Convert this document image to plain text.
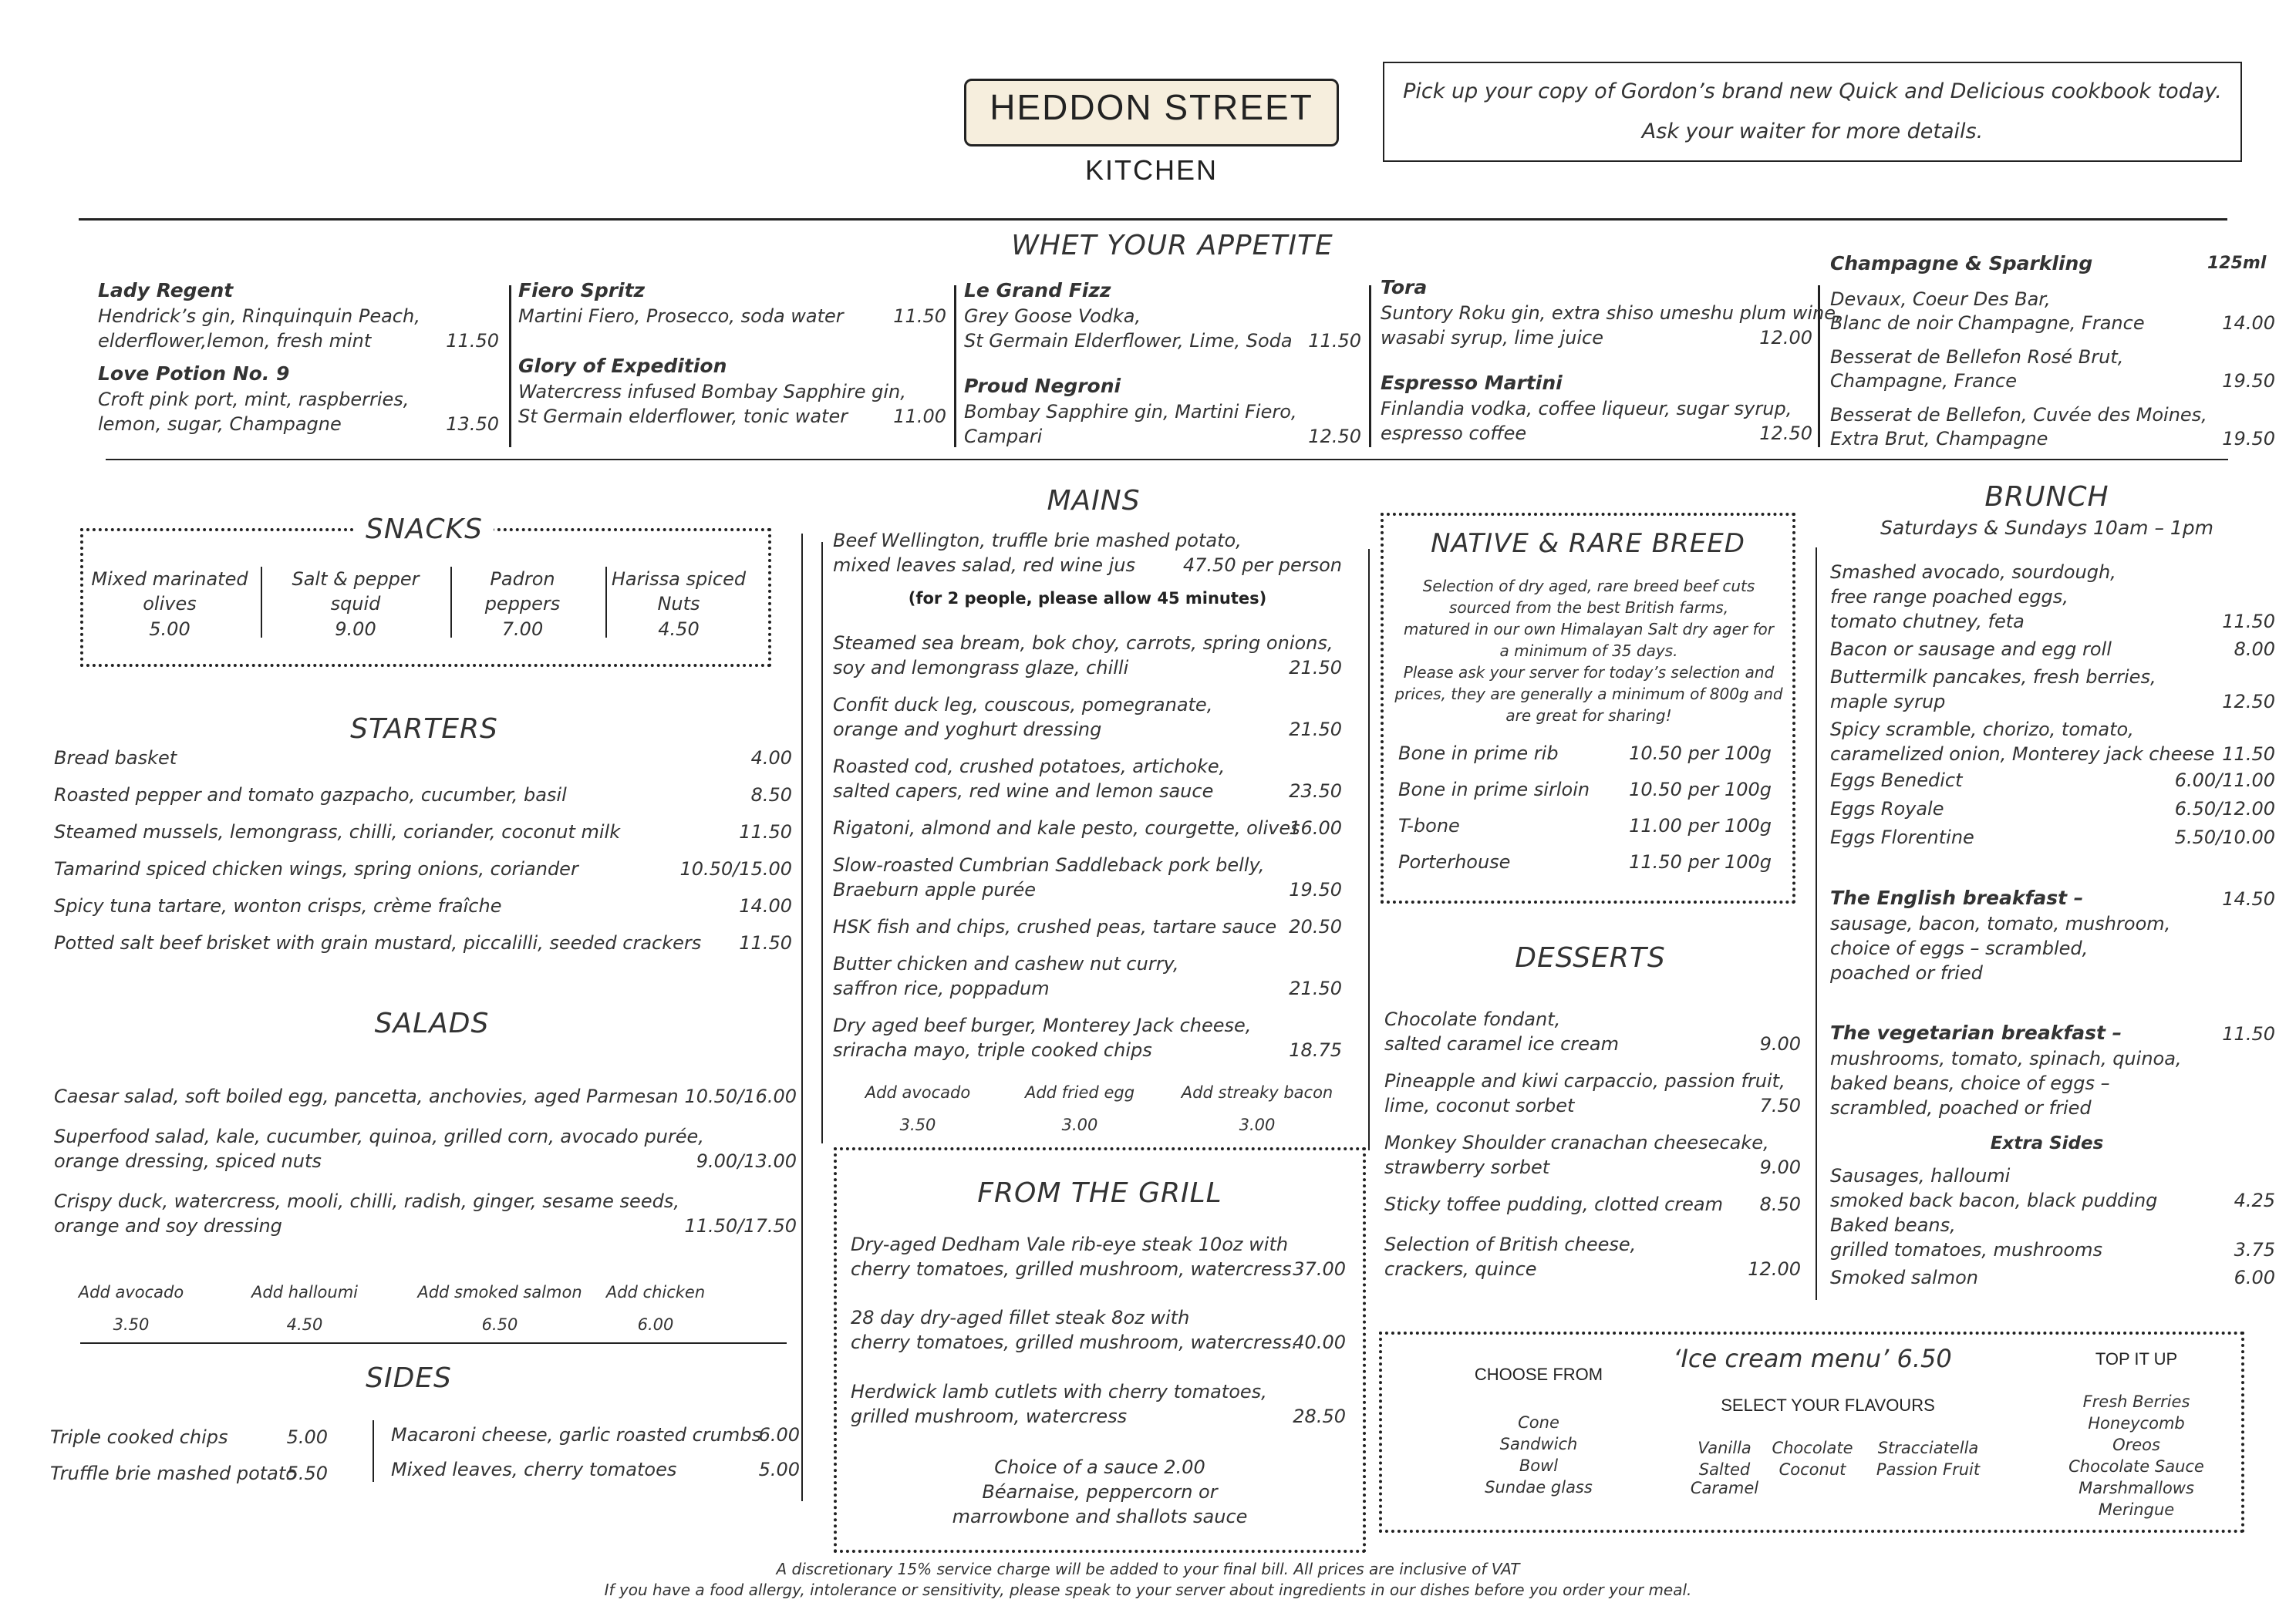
HEDDON STREET
KITCHEN
Pick up your copy of Gordon’s brand new Quick and Delicious cookbook today.
Ask your waiter for more details.
WHET YOUR APPETITE
Champagne & Sparkling	125ml
SNACKS
STARTERS
SALADS
SIDES
MAINS
FROM THE GRILL
Choice of a sauce 2.00
Béarnaise, peppercorn or
marrowbone and shallots sauce
NATIVE & RARE BREED
DESSERTS
BRUNCH
Saturdays & Sundays 10am – 1pm
Extra Sides
‘Ice cream menu’ 6.50
CHOOSE FROM
SELECT YOUR FLAVOURS
TOP IT UP
A discretionary 15% service charge will be added to your final bill. All prices are inclusive of VAT
If you have a food allergy, intolerance or sensitivity, please speak to your server about ingredients in our dishes before you order your meal.
Lady Regent
Hendrick’s gin, Rinquinquin Peach,
elderflower,lemon, fresh mint	11.50
Love Potion No. 9
Croft pink port, mint, raspberries,
lemon, sugar, Champagne	13.50
Fiero Spritz
Martini Fiero, Prosecco, soda water	11.50
Glory of Expedition
Watercress infused Bombay Sapphire gin,
St Germain elderflower, tonic water	11.00
Le Grand Fizz
Grey Goose Vodka,
St Germain Elderflower, Lime, Soda 11.50
Proud Negroni
Bombay Sapphire gin, Martini Fiero,
Campari	12.50
Tora
Suntory Roku gin, extra shiso umeshu plum wine,
wasabi syrup, lime juice	12.00
Espresso Martini
Finlandia vodka, coffee liqueur, sugar syrup,
espresso coffee	12.50
Devaux, Coeur Des Bar,
Blanc de noir Champagne, France	14.00
Besserat de Bellefon Rosé Brut,
Champagne, France	19.50
Besserat de Bellefon, Cuvée des Moines,
Extra Brut, Champagne	19.50
Mixed marinated
olives
5.00
Salt & pepper
squid
9.00
Padron
peppers
7.00
Harissa spiced
Nuts
4.50
Bread basket	4.00
Roasted pepper and tomato gazpacho, cucumber, basil	8.50
Steamed mussels, lemongrass, chilli, coriander, coconut milk	11.50
Tamarind spiced chicken wings, spring onions, coriander	10.50/15.00
Spicy tuna tartare, wonton crisps, crème fraîche	14.00
Potted salt beef brisket with grain mustard, piccalilli, seeded crackers	11.50
Caesar salad, soft boiled egg, pancetta, anchovies, aged Parmesan 10.50/16.00
Superfood salad, kale, cucumber, quinoa, grilled corn, avocado purée,
orange dressing, spiced nuts	9.00/13.00
Crispy duck, watercress, mooli, chilli, radish, ginger, sesame seeds,
orange and soy dressing	11.50/17.50
Add avocado
3.50
Add halloumi
4.50
Add smoked salmon
6.50
Add chicken
6.00
Triple cooked chips	5.00
Truffle brie mashed potato
5.50
Macaroni cheese, garlic roasted crumbs
6.00
Mixed leaves, cherry tomatoes	5.00
Beef Wellington, truffle brie mashed potato,
mixed leaves salad, red wine jus	47.50 per person
(for 2 people, please allow 45 minutes)
Steamed sea bream, bok choy, carrots, spring onions,
soy and lemongrass glaze, chilli	21.50
Confit duck leg, couscous, pomegranate,
orange and yoghurt dressing	21.50
Roasted cod, crushed potatoes, artichoke,
salted capers, red wine and lemon sauce	23.50
Rigatoni, almond and kale pesto, courgette, olives
16.00
Slow-roasted Cumbrian Saddleback pork belly,
Braeburn apple purée	19.50
HSK fish and chips, crushed peas, tartare sauce 20.50
Butter chicken and cashew nut curry,
saffron rice, poppadum	21.50
Dry aged beef burger, Monterey Jack cheese,
sriracha mayo, triple cooked chips	18.75
Add avocado
3.50
Add fried egg
3.00
Add streaky bacon
3.00
Dry-aged Dedham Vale rib-eye steak 10oz with
cherry tomatoes, grilled mushroom, watercress 37.00
28 day dry-aged fillet steak 8oz with
cherry tomatoes, grilled mushroom, watercress.
40.00
Herdwick lamb cutlets with cherry tomatoes,
grilled mushroom, watercress	28.50
Selection of dry aged, rare breed beef cuts
sourced from the best British farms,
matured in our own Himalayan Salt dry ager for
a minimum of 35 days.
Please ask your server for today’s selection and
prices, they are generally a minimum of 800g and
are great for sharing!
Bone in prime rib	10.50 per 100g
Bone in prime sirloin	10.50 per 100g
T-bone	11.00 per 100g
Porterhouse	11.50 per 100g
Chocolate fondant,
salted caramel ice cream	9.00
Pineapple and kiwi carpaccio, passion fruit,
lime, coconut sorbet	7.50
Monkey Shoulder cranachan cheesecake,
strawberry sorbet	9.00
Sticky toffee pudding, clotted cream	8.50
Selection of British cheese,
crackers, quince	12.00
Smashed avocado, sourdough,
free range poached eggs,
tomato chutney, feta	11.50
Bacon or sausage and egg roll	8.00
Buttermilk pancakes, fresh berries,
maple syrup	12.50
Spicy scramble, chorizo, tomato,
caramelized onion, Monterey jack cheese 11.50
Eggs Benedict	6.00/11.00
Eggs Royale	6.50/12.00
Eggs Florentine	5.50/10.00
The English breakfast –	14.50
sausage, bacon, tomato, mushroom,
choice of eggs – scrambled,
poached or fried
The vegetarian breakfast –	11.50
mushrooms, tomato, spinach, quinoa,
baked beans, choice of eggs –
scrambled, poached or fried
Sausages, halloumi
smoked back bacon, black pudding	4.25
Baked beans,
grilled tomatoes, mushrooms	3.75
Smoked salmon	6.00
Cone
Sandwich
Bowl
Sundae glass
Vanilla
Salted Caramel
Chocolate
Coconut
Stracciatella
Passion Fruit
Fresh Berries
Honeycomb
Oreos
Chocolate Sauce
Marshmallows
Meringue
